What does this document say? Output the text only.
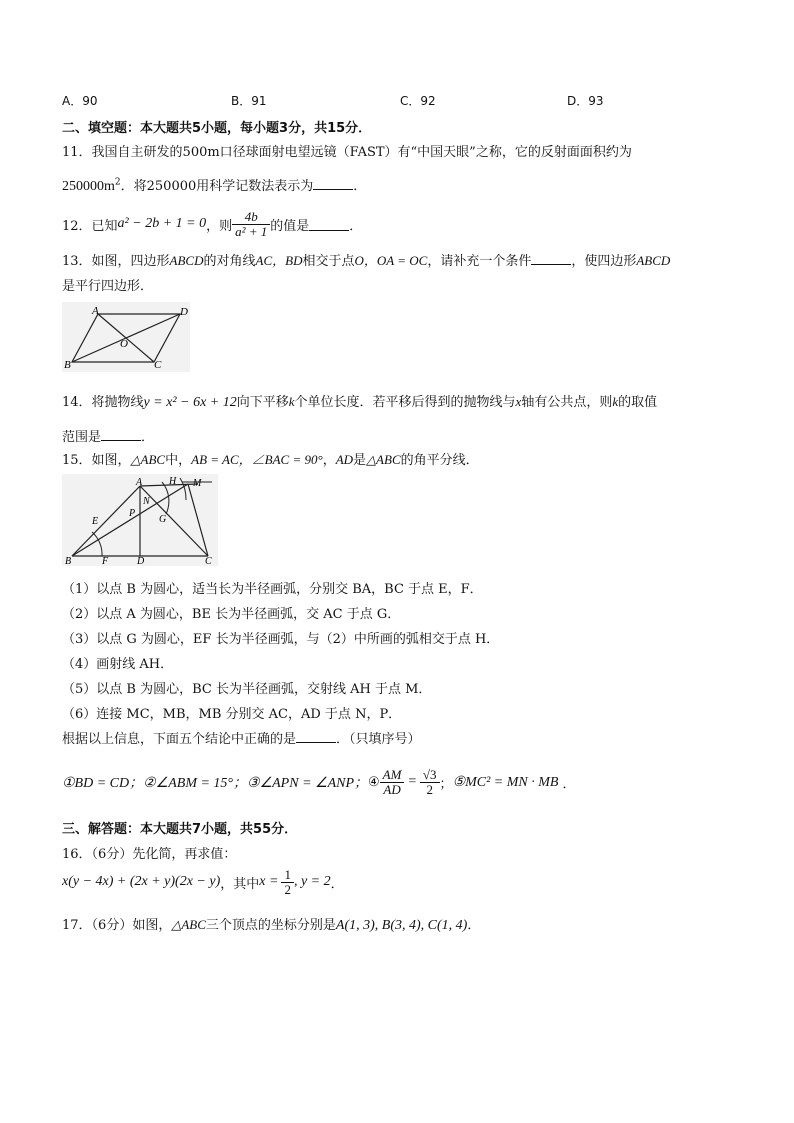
A．90	B．91	C．92	D．93
二、填空题：本大题共5小题，每小题3分，共15分．
11．我国自主研发的500m口径球面射电望远镜（FAST）有“中国天眼”之称，它的反射面面积约为
$250000m^2$．将250000用科学记数法表示为	．
12．已知 a² − 2b + 1 = 0 ，则 $\frac{4b}{\text{a² + 1}}$ 的值是	．
13．如图，四边形ABCD的对角线AC，BD相交于点O，OA = OC，请补充一个条件	，使四边形ABCD
是平行四边形．
A	D
B	C
O
14．将抛物线y = x² − 6x + 12向下平移k个单位长度．若平移后得到的抛物线与x轴有公共点，则k的取值
范围是	．
15．如图，△ABC中，AB = AC，∠BAC = 90°，AD是△ABC的角平分线．
A	H M
N
P
G
E
B	F	D	C
（1）以点 B 为圆心，适当长为半径画弧，分别交 BA，BC 于点 E，F．
（2）以点 A 为圆心，BE 长为半径画弧，交 AC 于点 G．
（3）以点 G 为圆心，EF 长为半径画弧，与（2）中所画的弧相交于点 H．
（4）画射线 AH．
（5）以点 B 为圆心，BC 长为半径画弧，交射线 AH 于点 M．
（6）连接 MC，MB，MB 分别交 AC，AD 于点 N，P．
根据以上信息，下面五个结论中正确的是	．（只填序号）
①BD = CD； ②∠ABM = 15°； ③∠APN = ∠ANP； ④ $\frac{AM}{AD} = \frac{√3}{2}$ ； ⑤MC² = MN · MB ．
三、解答题：本大题共7小题，共55分．
16．（6分）先化简，再求值：
x(y − 4x) + (2x + y)(2x − y) ，其中 $x = \frac{1}{2}$ , y = 2 ．
17．（6分）如图，△ABC三个顶点的坐标分别是A(1, 3), B(3, 4), C(1, 4)．
